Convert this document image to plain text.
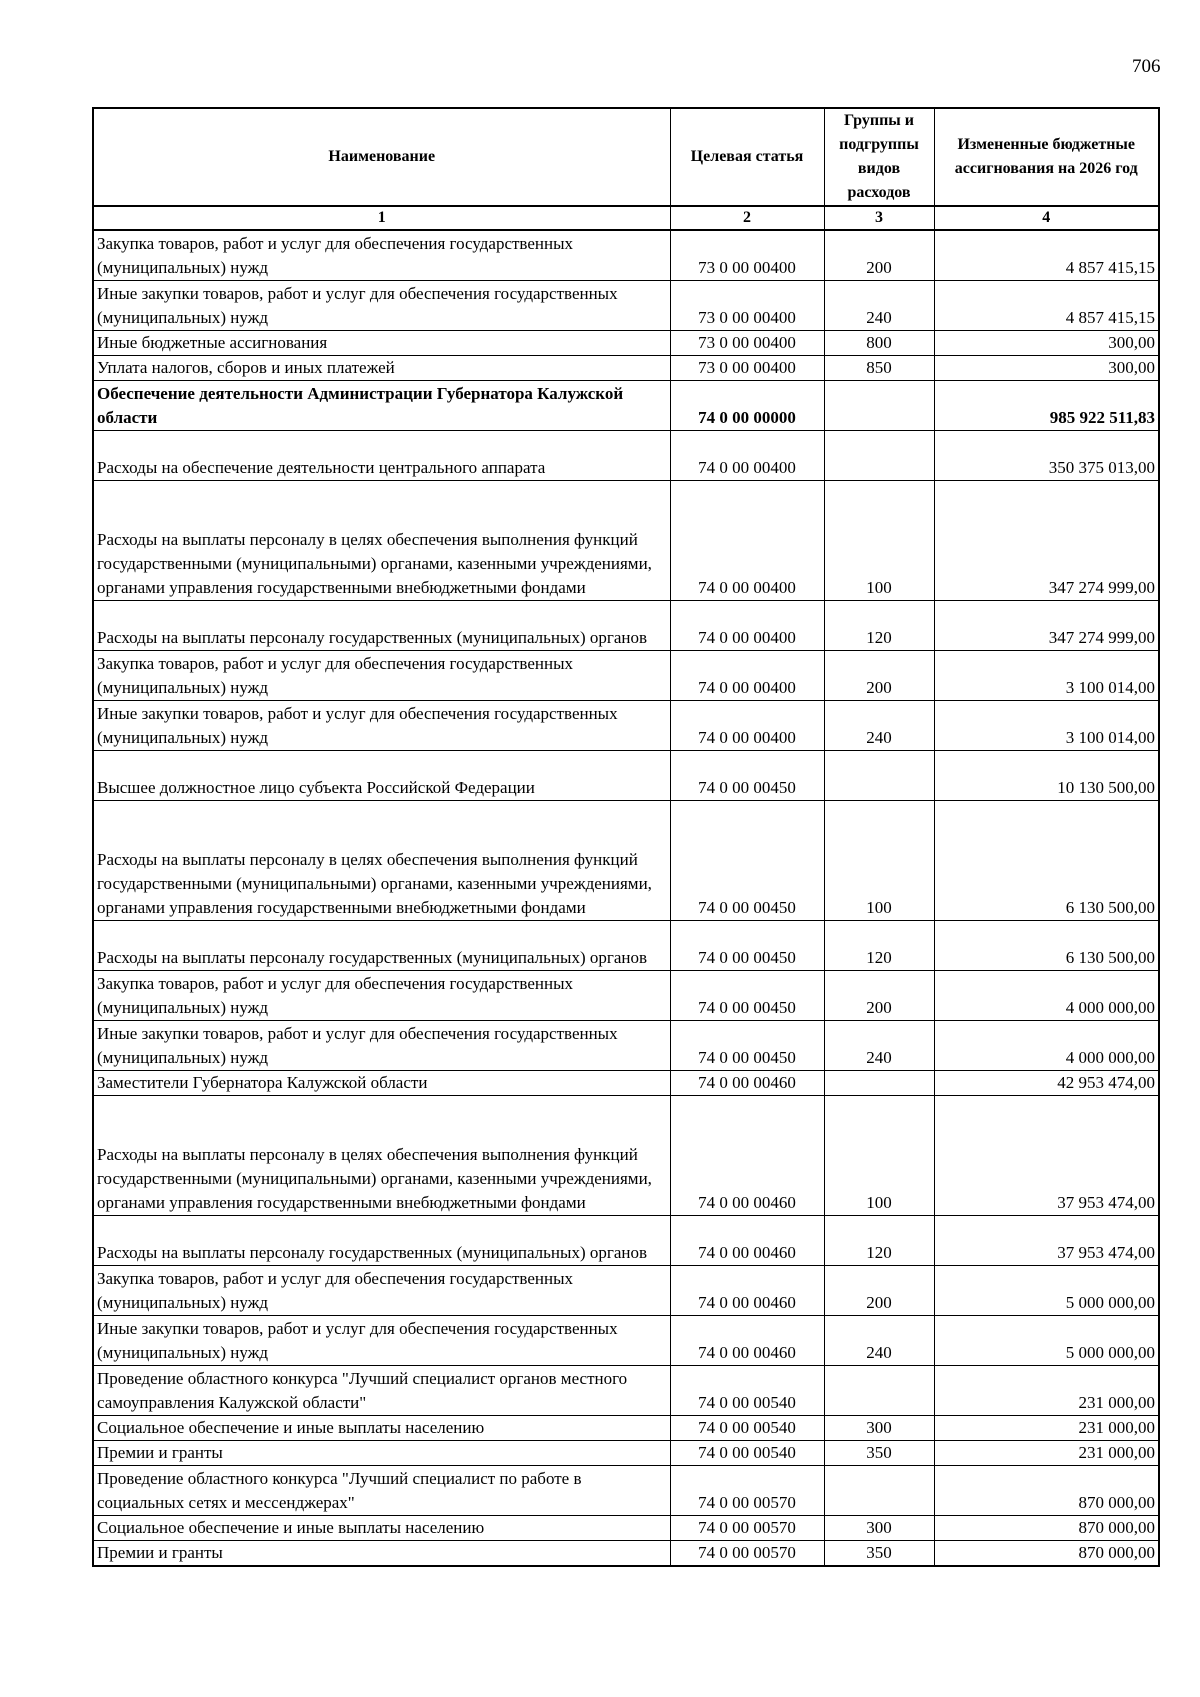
706
Наименование	Целевая статья	Группы и подгруппы видов расходов	Измененные бюджетные ассигнования на 2026 год
1	2	3	4
Закупка товаров, работ и услуг для обеспечения государственных (муниципальных) нужд	73 0 00 00400	200	4 857 415,15
Иные закупки товаров, работ и услуг для обеспечения государственных (муниципальных) нужд	73 0 00 00400	240	4 857 415,15
Иные бюджетные ассигнования	73 0 00 00400	800	300,00
Уплата налогов, сборов и иных платежей	73 0 00 00400	850	300,00
Обеспечение деятельности Администрации Губернатора Калужской области	74 0 00 00000		985 922 511,83
Расходы на обеспечение деятельности центрального аппарата	74 0 00 00400		350 375 013,00
Расходы на выплаты персоналу в целях обеспечения выполнения функций государственными (муниципальными) органами, казенными учреждениями, органами управления государственными внебюджетными фондами	74 0 00 00400	100	347 274 999,00
Расходы на выплаты персоналу государственных (муниципальных) органов	74 0 00 00400	120	347 274 999,00
Закупка товаров, работ и услуг для обеспечения государственных (муниципальных) нужд	74 0 00 00400	200	3 100 014,00
Иные закупки товаров, работ и услуг для обеспечения государственных (муниципальных) нужд	74 0 00 00400	240	3 100 014,00
Высшее должностное лицо субъекта Российской Федерации	74 0 00 00450		10 130 500,00
Расходы на выплаты персоналу в целях обеспечения выполнения функций государственными (муниципальными) органами, казенными учреждениями, органами управления государственными внебюджетными фондами	74 0 00 00450	100	6 130 500,00
Расходы на выплаты персоналу государственных (муниципальных) органов	74 0 00 00450	120	6 130 500,00
Закупка товаров, работ и услуг для обеспечения государственных (муниципальных) нужд	74 0 00 00450	200	4 000 000,00
Иные закупки товаров, работ и услуг для обеспечения государственных (муниципальных) нужд	74 0 00 00450	240	4 000 000,00
Заместители Губернатора Калужской области	74 0 00 00460		42 953 474,00
Расходы на выплаты персоналу в целях обеспечения выполнения функций государственными (муниципальными) органами, казенными учреждениями, органами управления государственными внебюджетными фондами	74 0 00 00460	100	37 953 474,00
Расходы на выплаты персоналу государственных (муниципальных) органов	74 0 00 00460	120	37 953 474,00
Закупка товаров, работ и услуг для обеспечения государственных (муниципальных) нужд	74 0 00 00460	200	5 000 000,00
Иные закупки товаров, работ и услуг для обеспечения государственных (муниципальных) нужд	74 0 00 00460	240	5 000 000,00
Проведение областного конкурса "Лучший специалист органов местного самоуправления Калужской области"	74 0 00 00540		231 000,00
Социальное обеспечение и иные выплаты населению	74 0 00 00540	300	231 000,00
Премии и гранты	74 0 00 00540	350	231 000,00
Проведение областного конкурса "Лучший специалист по работе в социальных сетях и мессенджерах"	74 0 00 00570		870 000,00
Социальное обеспечение и иные выплаты населению	74 0 00 00570	300	870 000,00
Премии и гранты	74 0 00 00570	350	870 000,00
